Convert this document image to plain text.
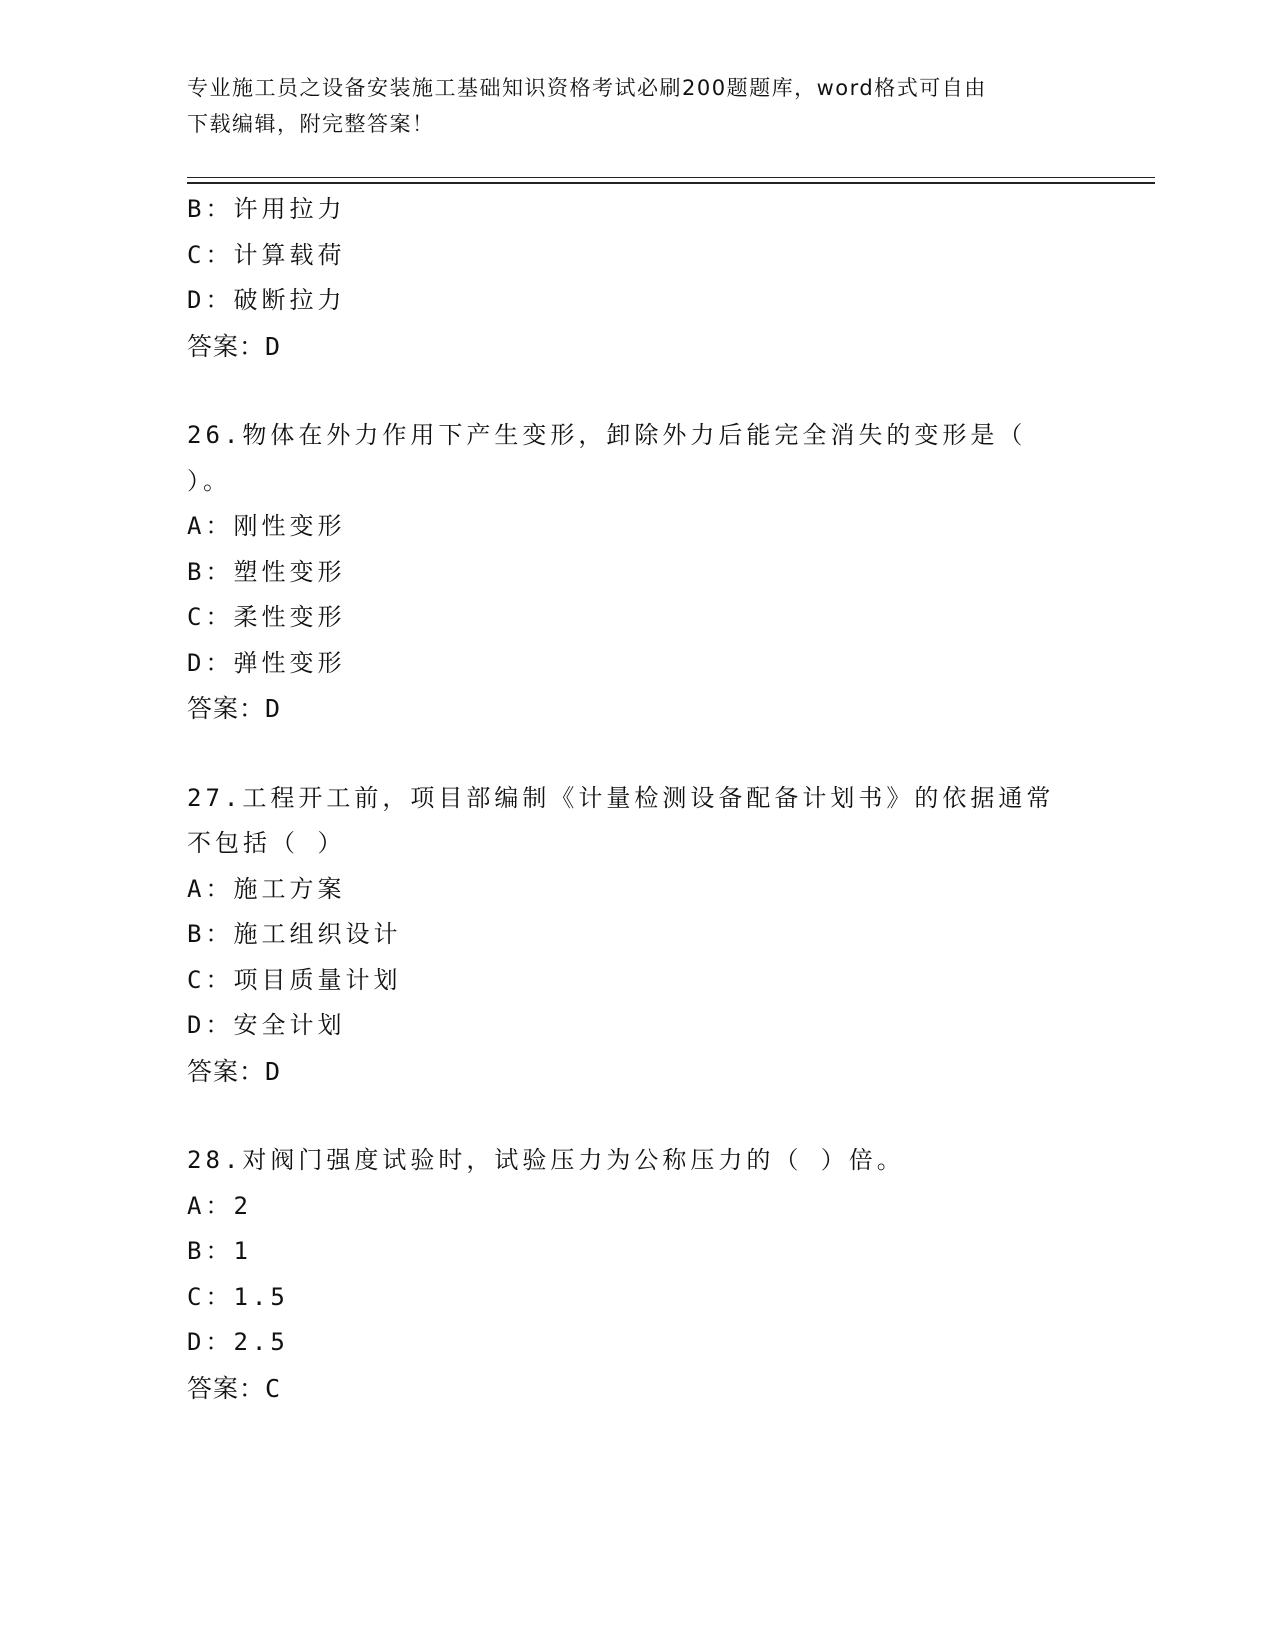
专业施工员之设备安装施工基础知识资格考试必刷200题题库，word格式可自由
下载编辑，附完整答案！
B：许用拉力
C：计算载荷
D：破断拉力
答案：D
26.物体在外力作用下产生变形，卸除外力后能完全消失的变形是（
）。
A：刚性变形
B：塑性变形
C：柔性变形
D：弹性变形
答案：D
27.工程开工前，项目部编制《计量检测设备配备计划书》的依据通常
不包括（ ）
A：施工方案
B：施工组织设计
C：项目质量计划
D：安全计划
答案：D
28.对阀门强度试验时，试验压力为公称压力的（ ）倍。
A：2
B：1
C：1.5
D：2.5
答案：C
